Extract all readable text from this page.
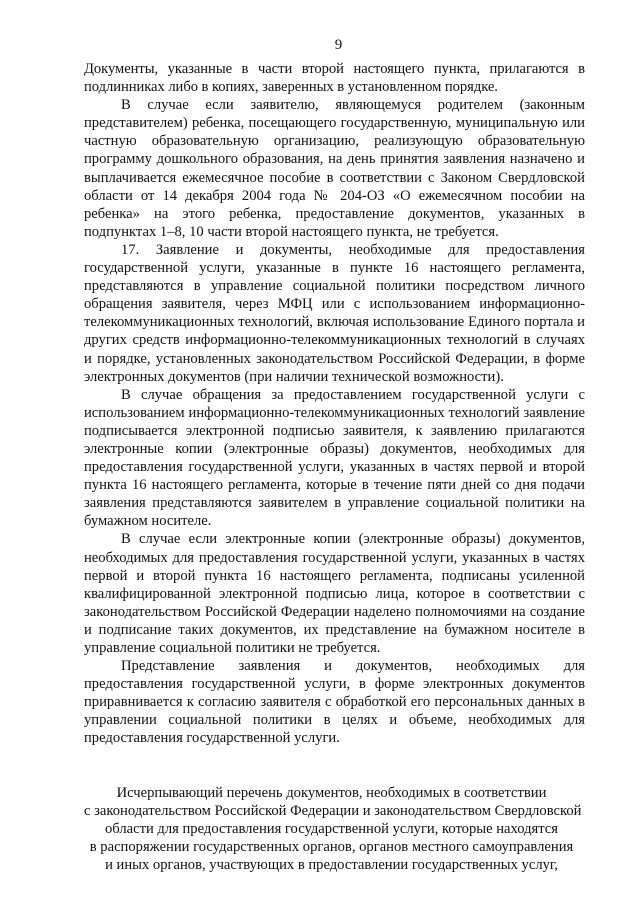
9

Документы, указанные в части второй настоящего пункта, прилагаются в подлинниках либо в копиях, заверенных в установленном порядке.

В случае если заявителю, являющемуся родителем (законным представителем) ребенка, посещающего государственную, муниципальную или частную образовательную организацию, реализующую образовательную программу дошкольного образования, на день принятия заявления назначено и выплачивается ежемесячное пособие в соответствии с Законом Свердловской области от 14 декабря 2004 года № 204-ОЗ «О ежемесячном пособии на ребенка» на этого ребенка, предоставление документов, указанных в подпунктах 1–8, 10 части второй настоящего пункта, не требуется.

17. Заявление и документы, необходимые для предоставления государственной услуги, указанные в пункте 16 настоящего регламента, представляются в управление социальной политики посредством личного обращения заявителя, через МФЦ или с использованием информационно-телекоммуникационных технологий, включая использование Единого портала и других средств информационно-телекоммуникационных технологий в случаях и порядке, установленных законодательством Российской Федерации, в форме электронных документов (при наличии технической возможности).

В случае обращения за предоставлением государственной услуги с использованием информационно-телекоммуникационных технологий заявление подписывается электронной подписью заявителя, к заявлению прилагаются электронные копии (электронные образы) документов, необходимых для предоставления государственной услуги, указанных в частях первой и второй пункта 16 настоящего регламента, которые в течение пяти дней со дня подачи заявления представляются заявителем в управление социальной политики на бумажном носителе.

В случае если электронные копии (электронные образы) документов, необходимых для предоставления государственной услуги, указанных в частях первой и второй пункта 16 настоящего регламента, подписаны усиленной квалифицированной электронной подписью лица, которое в соответствии с законодательством Российской Федерации наделено полномочиями на создание и подписание таких документов, их представление на бумажном носителе в управление социальной политики не требуется.

Представление заявления и документов, необходимых для предоставления государственной услуги, в форме электронных документов приравнивается к согласию заявителя с обработкой его персональных данных в управлении социальной политики в целях и объеме, необходимых для предоставления государственной услуги.

Исчерпывающий перечень документов, необходимых в соответствии
с законодательством Российской Федерации и законодательством Свердловской
области для предоставления государственной услуги, которые находятся
в распоряжении государственных органов, органов местного самоуправления
и иных органов, участвующих в предоставлении государственных услуг,
